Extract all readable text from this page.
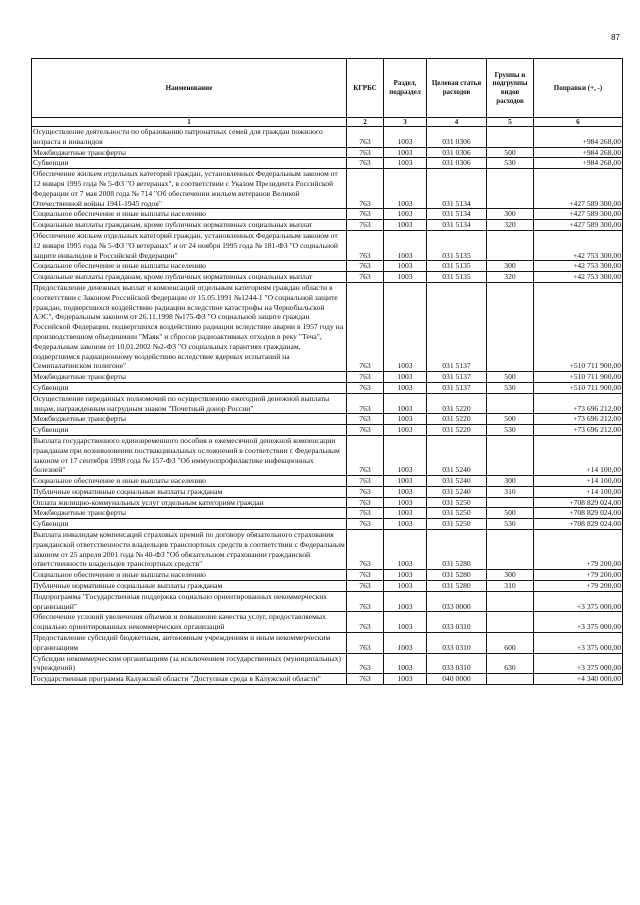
87
Наименование	КГРБС	Раздел, подраздел	Целевая статья расходов	Группы и подгруппы видов расходов	Поправки (+, -)
1	2	3	4	5	6
Осуществление деятельности по образованию патронатных семей для граждан пожилого возраста и инвалидов	763	1003	031 0306		+984 268,00
Межбюджетные трансферты	763	1003	031 0306	500	+984 268,00
Субвенции	763	1003	031 0306	530	+984 268,00
Обеспечение жильем отдельных категорий граждан, установленных Федеральным законом от 12 января 1995 года № 5-ФЗ "О ветеранах", в соответствии с Указом Президента Российской Федерации от 7 мая 2008 года № 714 "Об обеспечении жильем ветеранов Великой Отечественной войны 1941-1945 годов"	763	1003	031 5134		+427 589 300,00
Социальное обеспечение и иные выплаты населению	763	1003	031 5134	300	+427 589 300,00
Социальные выплаты гражданам, кроме публичных нормативных социальных выплат	763	1003	031 5134	320	+427 589 300,00
Обеспечение жильем отдельных категорий граждан, установленных Федеральным законом от 12 января 1995 года № 5-ФЗ "О ветеранах" и от 24 ноября 1995 года № 181-ФЗ "О социальной защите инвалидов в Российской Федерации"	763	1003	031 5135		+42 753 300,00
Социальное обеспечение и иные выплаты населению	763	1003	031 5135	300	+42 753 300,00
Социальные выплаты гражданам, кроме публичных нормативных социальных выплат	763	1003	031 5135	320	+42 753 300,00
Предоставление денежных выплат и компенсаций отдельным категориям граждан области в соответствии с Законом Российской Федерации от 15.05.1991 №1244-1 "О социальной защите граждан, подвергшихся воздействию радиации вследствие катастрофы на Чернобыльской АЭС", Федеральным законом от 26.11.1998 №175-ФЗ "О социальной защите граждан Российской Федерации, подвергшихся воздействию радиации вследствие аварии в 1957 году на производственном объединении "Маяк" и сбросов радиоактивных отходов в реку "Теча", Федеральным законом от 10.01.2002 №2-ФЗ "О социальных гарантиях гражданам, подвергшимся радиационному воздействию вследствие ядерных испытаний на Семипалатинском полигоне"	763	1003	031 5137		+510 711 900,00
Межбюджетные трансферты	763	1003	031 5137	500	+510 711 900,00
Субвенции	763	1003	031 5137	530	+510 711 900,00
Осуществление переданных полномочий по осуществлению ежегодной денежной выплаты лицам, награжденным нагрудным знаком "Почетный донор России"	763	1003	031 5220		+73 696 212,00
Межбюджетные трансферты	763	1003	031 5220	500	+73 696 212,00
Субвенции	763	1003	031 5220	530	+73 696 212,00
Выплата государственного единовременного пособия и ежемесячной денежной компенсации гражданам при возникновении поствакцинальных осложнений в соответствии с Федеральным законом от 17 сентября 1998 года № 157-ФЗ "Об иммунопрофилактике инфекционных болезней"	763	1003	031 5240		+14 100,00
Социальное обеспечение и иные выплаты населению	763	1003	031 5240	300	+14 100,00
Публичные нормативные социальные выплаты гражданам	763	1003	031 5240	310	+14 100,00
Оплата жилищно-коммунальных услуг отдельным категориям граждан	763	1003	031 5250		+708 829 024,00
Межбюджетные трансферты	763	1003	031 5250	500	+708 829 024,00
Субвенции	763	1003	031 5250	530	+708 829 024,00
Выплата инвалидам компенсаций страховых премий по договору обязательного страхования гражданской ответственности владельцев транспортных средств в соответствии с Федеральным законом от 25 апреля 2001 года № 40-ФЗ "Об обязательном страховании гражданской ответственности владельцев транспортных средств"	763	1003	031 5280		+79 200,00
Социальное обеспечение и иные выплаты населению	763	1003	031 5280	300	+79 200,00
Публичные нормативные социальные выплаты гражданам	763	1003	031 5280	310	+79 200,00
Подпрограмма "Государственная поддержка социально ориентированных некоммерческих организаций"	763	1003	033 0000		+3 375 000,00
Обеспечение условий увеличения объемов и повышение качества услуг, предоставляемых социально ориентированных некоммерческих организаций	763	1003	033 0310		+3 375 000,00
Предоставление субсидий бюджетным, автономным учреждениям и иным некоммерческим организациям	763	1003	033 0310	600	+3 375 000,00
Субсидии некоммерческим организациям (за исключением государственных (муниципальных) учреждений)	763	1003	033 0310	630	+3 375 000,00
Государственная программа Калужской области "Доступная среда в Калужской области"	763	1003	040 0000		+4 340 000,00
